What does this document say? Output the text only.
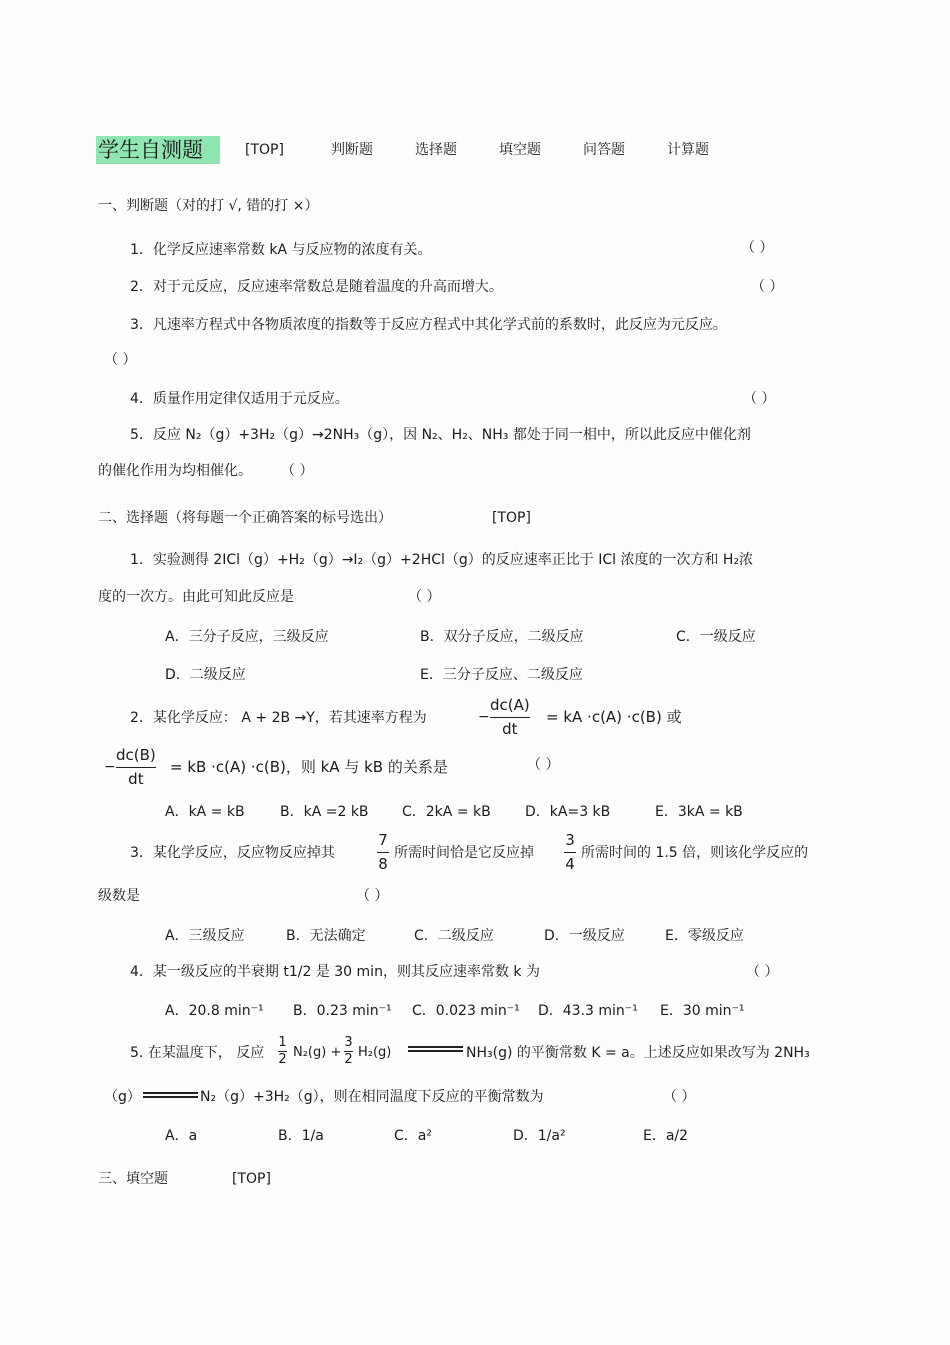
学生自测题	[TOP]	判断题	选择题	填空题	问答题	计算题
一、判断题（对的打 √, 错的打 ×）
1．化学反应速率常数 kA 与反应物的浓度有关。	（ ）
2．对于元反应，反应速率常数总是随着温度的升高而增大。	（ ）
3．凡速率方程式中各物质浓度的指数等于反应方程式中其化学式前的系数时，此反应为元反应。
（ ）
4．质量作用定律仅适用于元反应。	（ ）
5．反应 N₂（g）+3H₂（g）→2NH₃（g），因 N₂、H₂、NH₃ 都处于同一相中，所以此反应中催化剂
的催化作用为均相催化。 （ ）
二、选择题（将每题一个正确答案的标号选出）	[TOP]
1．实验测得 2ICl（g）+H₂（g）→I₂（g）+2HCl（g）的反应速率正比于 ICl 浓度的一次方和 H₂浓
度的一次方。由此可知此反应是	（ ）
A．三分子反应，三级反应	B．双分子反应，二级反应	C．一级反应
D．二级反应	E．三分子反应、二级反应
2．某化学反应： A + 2B →Y，若其速率方程为	−
dc(A)
dt
= kA ·c(A) ·c(B) 或
−
dc(B)
dt
= kB ·c(A) ·c(B)，则 kA 与 kB 的关系是	（ ）
A．kA = kB	B．kA =2 kB C．2kA = kB D．kA=3 kB	E．3kA = kB
3．某化学反应，反应物反应掉其
7
8
所需时间恰是它反应掉
3
4
所需时间的 1.5 倍，则该化学反应的
级数是	（ ）
A．三级反应	B．无法确定	C．二级反应	D．一级反应	E．零级反应
4．某一级反应的半衰期 t1/2 是 30 min，则其反应速率常数 k 为	（ ）
A．20.8 min⁻¹ B．0.23 min⁻¹ C．0.023 min⁻¹ D．43.3 min⁻¹ E．30 min⁻¹
5. 在某温度下， 反应
1
2 N₂(g) +
3
2 H₂(g)	NH₃(g) 的平衡常数 K = a。上述反应如果改写为 2NH₃
（g）	N₂（g）+3H₂（g），则在相同温度下反应的平衡常数为	（ ）
A．a	B．1/a	C．a²	D．1/a²	E．a/2
三、填空题	[TOP]
